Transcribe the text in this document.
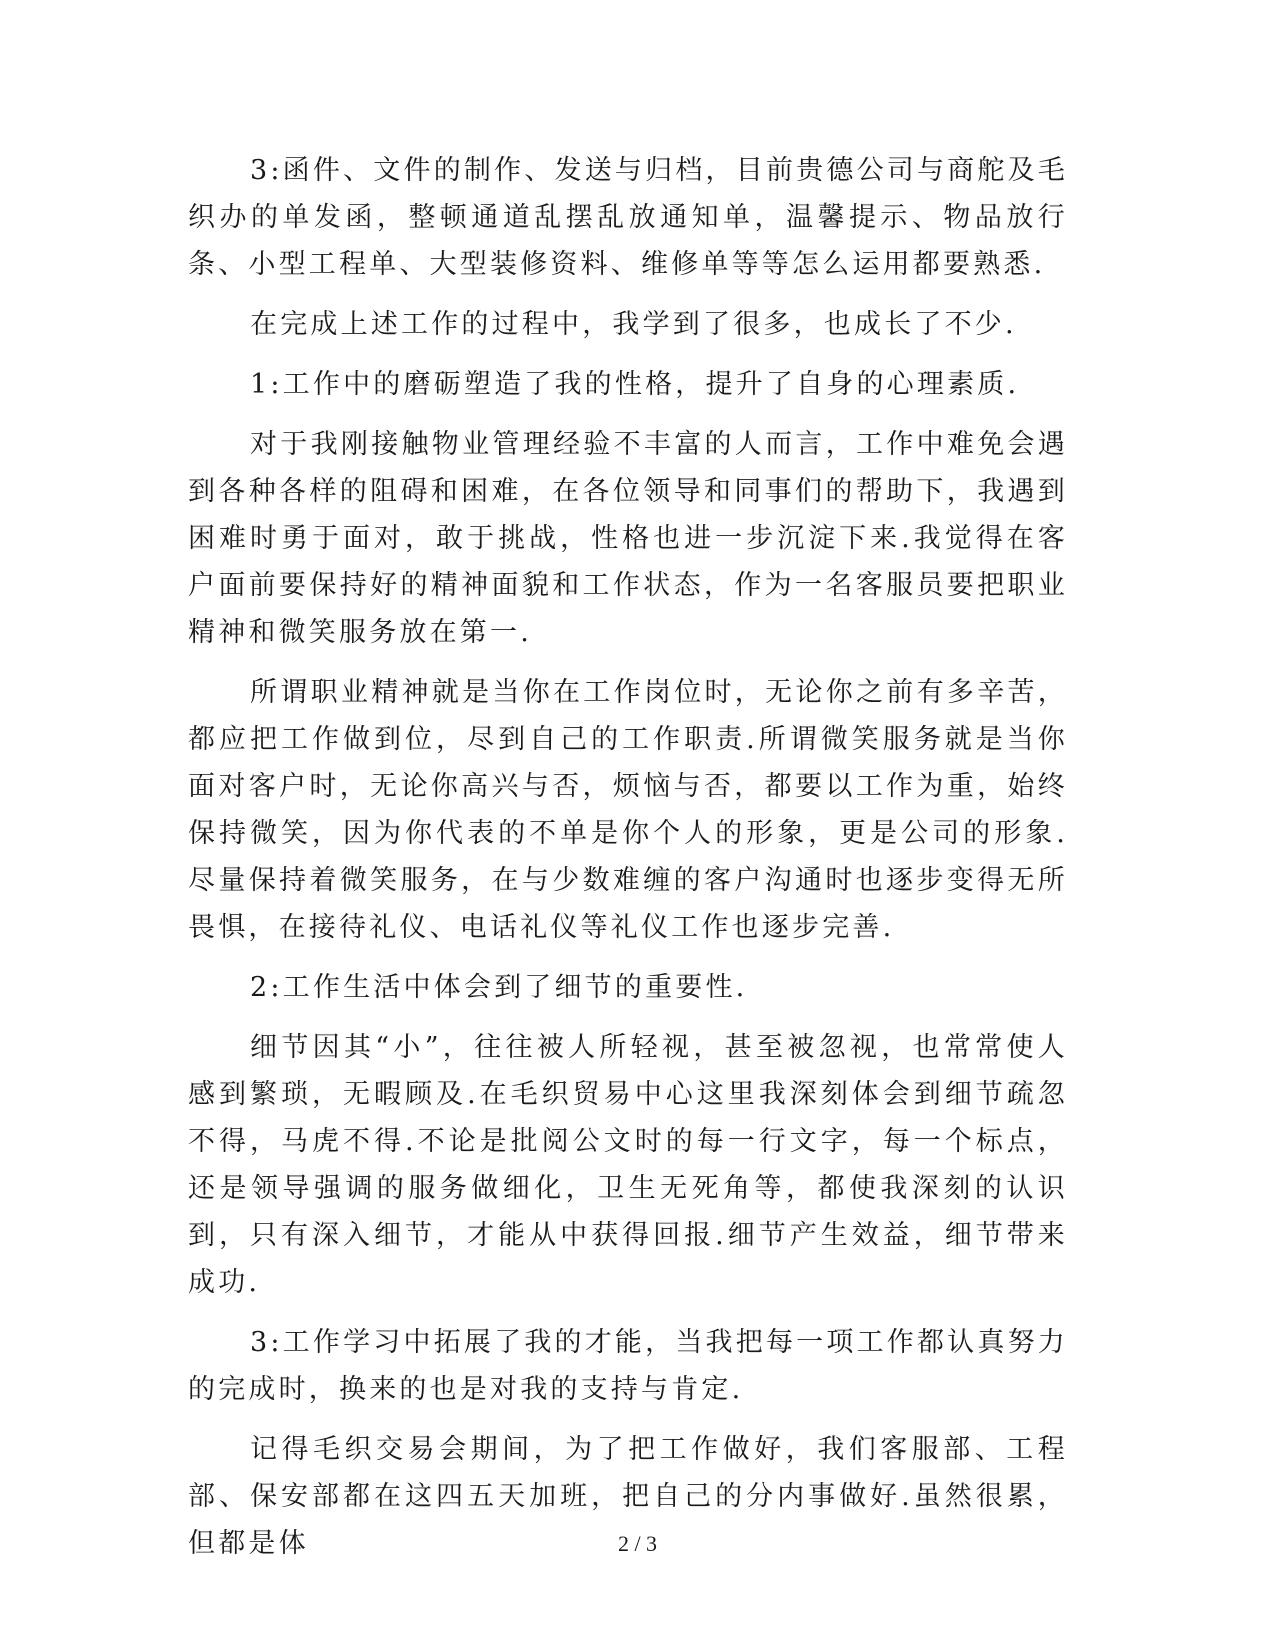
3:函件、文件的制作、发送与归档，目前贵德公司与商舵及毛织办的单发函，整顿通道乱摆乱放通知单，温馨提示、物品放行条、小型工程单、大型装修资料、维修单等等怎么运用都要熟悉.

在完成上述工作的过程中，我学到了很多，也成长了不少.

1:工作中的磨砺塑造了我的性格，提升了自身的心理素质.

对于我刚接触物业管理经验不丰富的人而言，工作中难免会遇到各种各样的阻碍和困难，在各位领导和同事们的帮助下，我遇到困难时勇于面对，敢于挑战，性格也进一步沉淀下来.我觉得在客户面前要保持好的精神面貌和工作状态，作为一名客服员要把职业精神和微笑服务放在第一.

所谓职业精神就是当你在工作岗位时，无论你之前有多辛苦，都应把工作做到位，尽到自己的工作职责.所谓微笑服务就是当你面对客户时，无论你高兴与否，烦恼与否，都要以工作为重，始终保持微笑，因为你代表的不单是你个人的形象，更是公司的形象.尽量保持着微笑服务，在与少数难缠的客户沟通时也逐步变得无所畏惧，在接待礼仪、电话礼仪等礼仪工作也逐步完善.

2:工作生活中体会到了细节的重要性.

细节因其“小”，往往被人所轻视，甚至被忽视，也常常使人感到繁琐，无暇顾及.在毛织贸易中心这里我深刻体会到细节疏忽不得，马虎不得.不论是批阅公文时的每一行文字，每一个标点，还是领导强调的服务做细化，卫生无死角等，都使我深刻的认识到，只有深入细节，才能从中获得回报.细节产生效益，细节带来成功.

3:工作学习中拓展了我的才能，当我把每一项工作都认真努力的完成时，换来的也是对我的支持与肯定.

记得毛织交易会期间，为了把工作做好，我们客服部、工程部、保安部都在这四五天加班，把自己的分内事做好.虽然很累，但都是体	2 / 3
